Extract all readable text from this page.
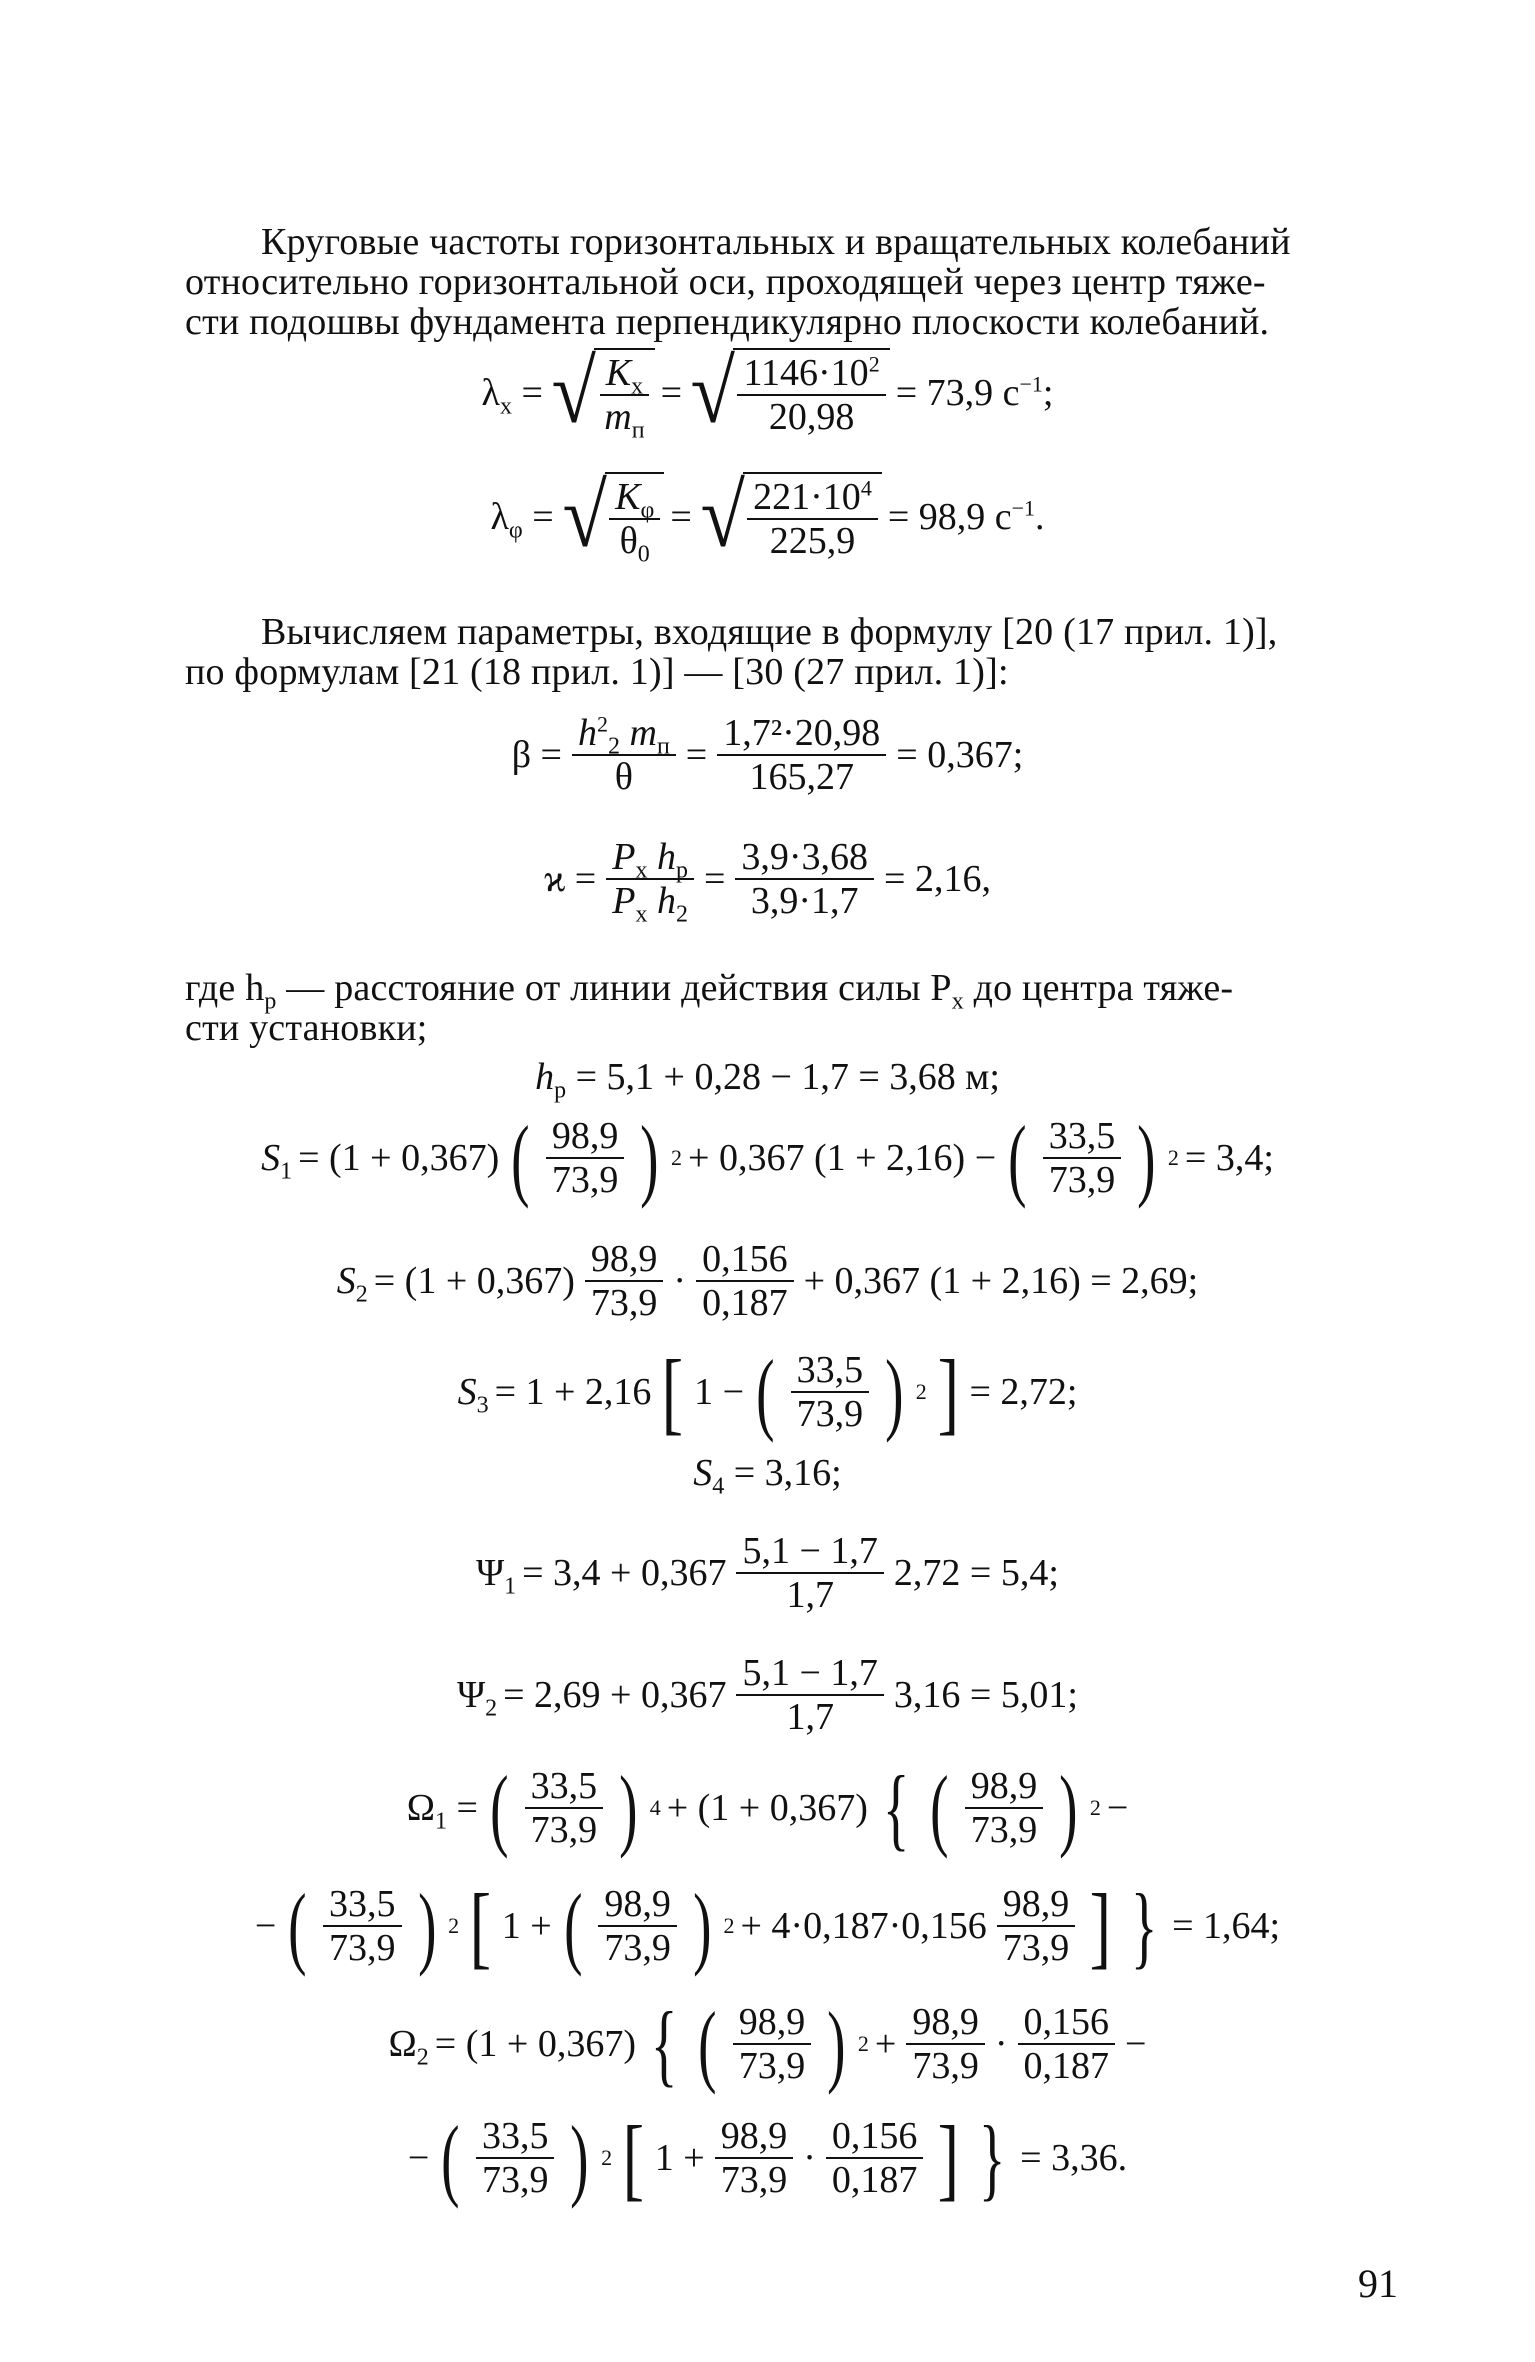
Круговые частоты горизонтальных и вращательных колебаний
относительно горизонтальной оси, проходящей через центр тяже-
сти подошвы фундамента перпендикулярно плоскости колебаний.
$\lambda_x$ = √ $\frac{K_x}{m_п}$ = √ $\frac{1146\cdot 10^2}{20,98} = 73,9$ $с^{-1}$;
$\lambda_\varphi$ = √ $\frac{K_\varphi}{\theta_0}$ = √ $\frac{221\cdot 10^4}{225,9} = 98,9$ $с^{-1}$.
Вычисляем параметры, входящие в формулу [20 (17 прил. 1)],
по формулам [21 (18 прил. 1)] — [30 (27 прил. 1)]:
$\beta = \frac{h^2_2 m_п}{\theta} = \frac{\text{1,7²·20,98}}{165,27} = 0,367$;
$ϰ = \frac{P_x h_р}{P_x h_2} = \frac{3,9\cdot 3,68}{3,9\cdot 1,7} = 2,16$,
где $h_р$ — расстояние от линии действия силы $P_x$ до центра тяже-
сти установки;
$h_р = 5,1 + 0,28 - 1,7 = 3,68$ м;
$S_1 = (1 + 0,367)$ ( $\frac{98,9}{73,9}$ ) 2 + 0,367 (1 + 2,16) − ( $\frac{33,5}{73,9}$ ) 2 = 3,4;
$S_2 = (1 + 0,367) \frac{98,9}{73,9} \cdot \frac{0,156}{0,187} + 0,367$ (1 + 2,16) = 2,69;
$S_3 = 1 + 2,16$ [ 1 − ( $\frac{33,5}{73,9}$ ) 2 ] = 2,72;
$S_4 = 3,16$;
$\Psi_1 = 3,4 + 0,367 \frac{5,1 - 1,7}{1,7} 2,72 = 5,4$;
$\Psi_2 = 2,69 + 0,367 \frac{5,1 - 1,7}{1,7} 3,16 = 5,01$;
$\Omega_1$ = ( $\frac{33,5}{73,9}$ ) 4 + (1 + 0,367) { ( $\frac{98,9}{73,9}$ ) 2 −
− ( $\frac{33,5}{73,9}$ ) 2 [ 1 + ( $\frac{98,9}{73,9}$ ) $2 + 4\cdot 0,187\cdot 0,156 \frac{98,9}{73,9}$ ] } = 1,64;
$\Omega_2 = (1 + 0,367)$ { ( $\frac{98,9}{73,9}$ ) $2 + \frac{98,9}{73,9} \cdot \frac{0,156}{0,187}$ −
− ( $\frac{33,5}{73,9}$ ) 2 [ $1 + \frac{98,9}{73,9} \cdot \frac{0,156}{0,187}$ ] } = 3,36.
91
